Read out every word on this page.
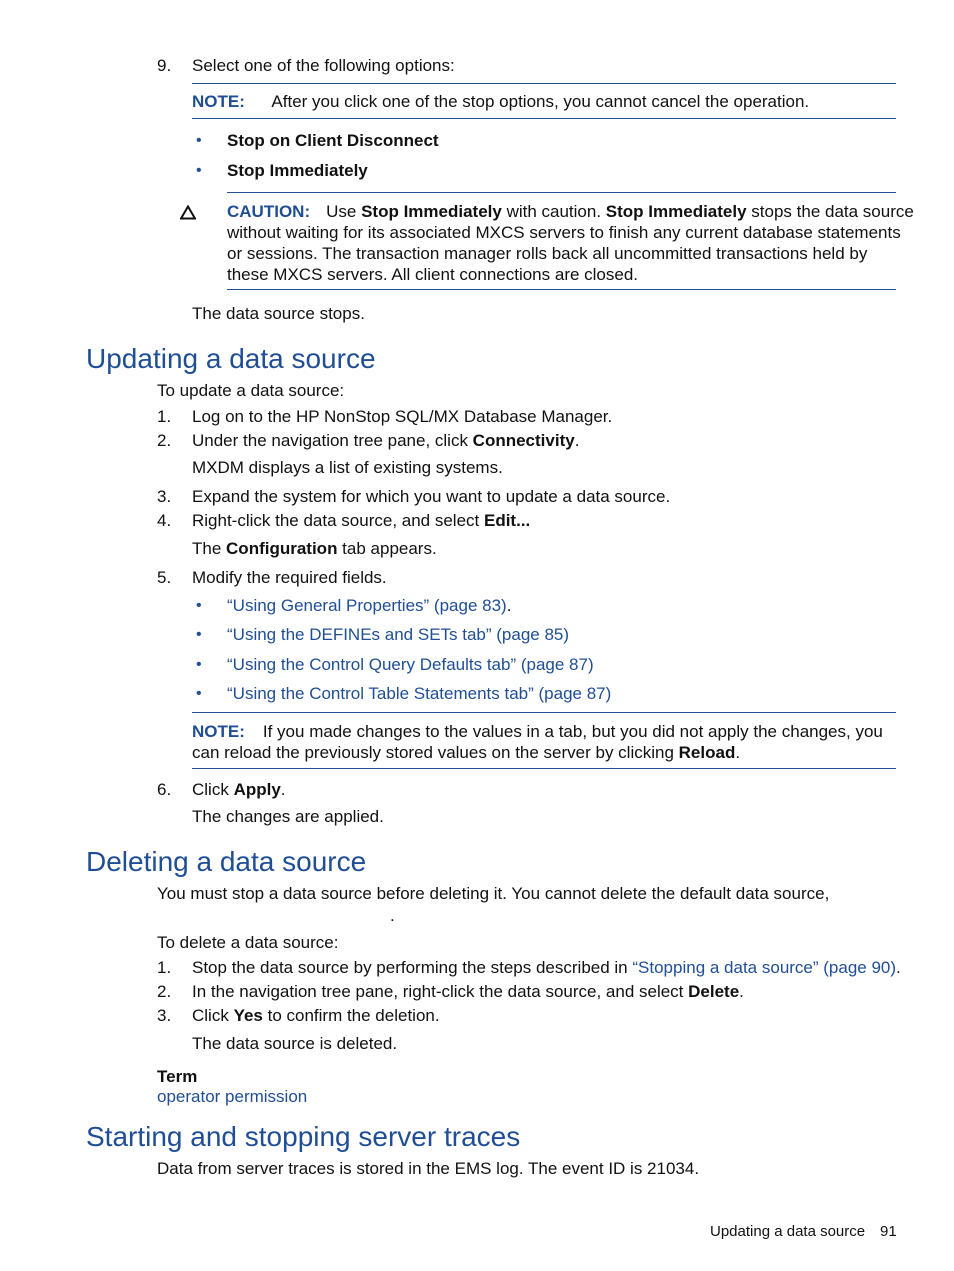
9. Select one of the following options:
NOTE: After you click one of the stop options, you cannot cancel the operation.
• Stop on Client Disconnect
• Stop Immediately
CAUTION: Use Stop Immediately with caution. Stop Immediately stops the data source
without waiting for its associated MXCS servers to finish any current database statements
or sessions. The transaction manager rolls back all uncommitted transactions held by
these MXCS servers. All client connections are closed.
The data source stops.
Updating a data source
To update a data source:
1. Log on to the HP NonStop SQL/MX Database Manager.
2. Under the navigation tree pane, click Connectivity.
MXDM displays a list of existing systems.
3. Expand the system for which you want to update a data source.
4. Right-click the data source, and select Edit...
The Configuration tab appears.
5. Modify the required fields.
• “Using General Properties” (page 83).
• “Using the DEFINEs and SETs tab” (page 85)
• “Using the Control Query Defaults tab” (page 87)
• “Using the Control Table Statements tab” (page 87)
NOTE: If you made changes to the values in a tab, but you did not apply the changes, you
can reload the previously stored values on the server by clicking Reload.
6. Click Apply.
The changes are applied.
Deleting a data source
You must stop a data source before deleting it. You cannot delete the default data source,
.
To delete a data source:
1. Stop the data source by performing the steps described in “Stopping a data source” (page 90).
2. In the navigation tree pane, right-click the data source, and select Delete.
3. Click Yes to confirm the deletion.
The data source is deleted.
Term
operator permission
Starting and stopping server traces
Data from server traces is stored in the EMS log. The event ID is 21034.
Updating a data source 91
